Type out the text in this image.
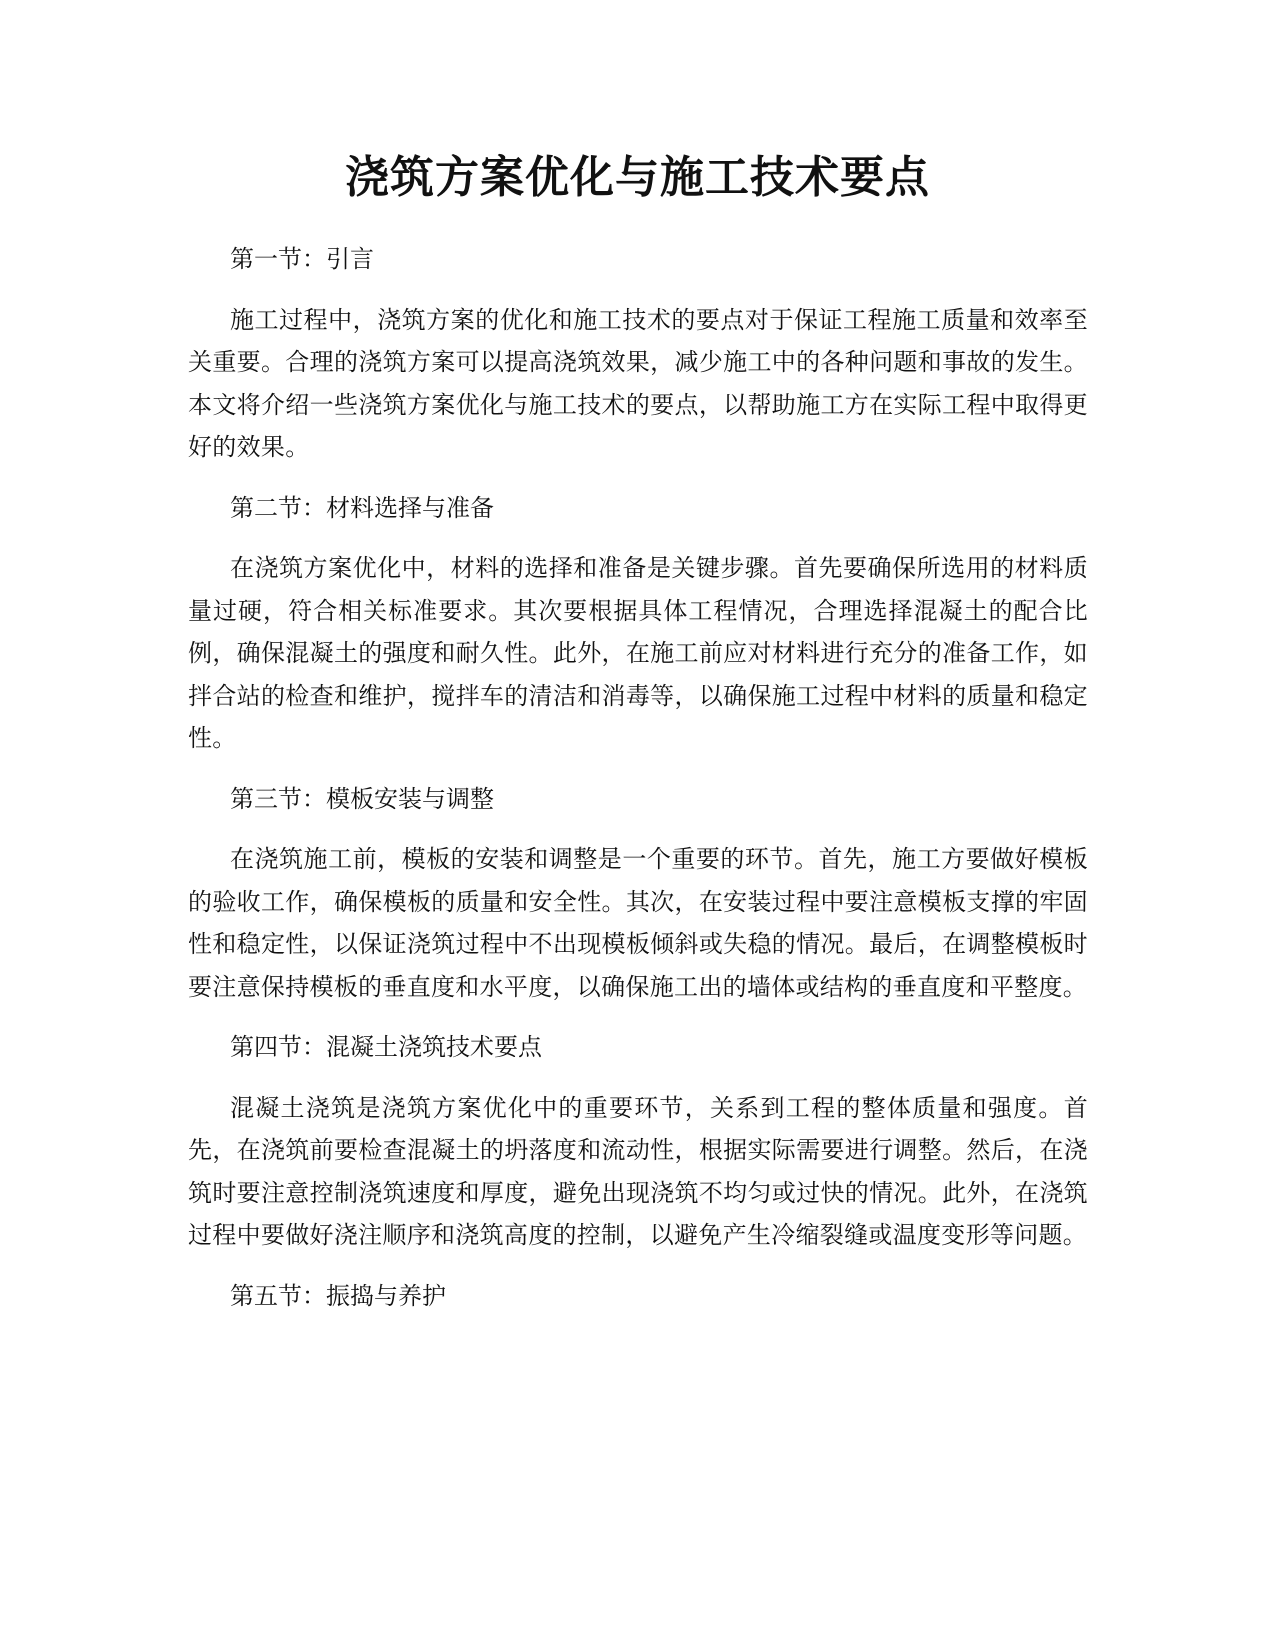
浇筑方案优化与施工技术要点
第一节：引言

施工过程中，浇筑方案的优化和施工技术的要点对于保证工程施工质量和效率至关重要。合理的浇筑方案可以提高浇筑效果，减少施工中的各种问题和事故的发生。本文将介绍一些浇筑方案优化与施工技术的要点，以帮助施工方在实际工程中取得更好的效果。

第二节：材料选择与准备

在浇筑方案优化中，材料的选择和准备是关键步骤。首先要确保所选用的材料质量过硬，符合相关标准要求。其次要根据具体工程情况，合理选择混凝土的配合比例，确保混凝土的强度和耐久性。此外，在施工前应对材料进行充分的准备工作，如拌合站的检查和维护，搅拌车的清洁和消毒等，以确保施工过程中材料的质量和稳定性。

第三节：模板安装与调整

在浇筑施工前，模板的安装和调整是一个重要的环节。首先，施工方要做好模板的验收工作，确保模板的质量和安全性。其次，在安装过程中要注意模板支撑的牢固性和稳定性，以保证浇筑过程中不出现模板倾斜或失稳的情况。最后，在调整模板时要注意保持模板的垂直度和水平度，以确保施工出的墙体或结构的垂直度和平整度。

第四节：混凝土浇筑技术要点

混凝土浇筑是浇筑方案优化中的重要环节，关系到工程的整体质量和强度。首先，在浇筑前要检查混凝土的坍落度和流动性，根据实际需要进行调整。然后，在浇筑时要注意控制浇筑速度和厚度，避免出现浇筑不均匀或过快的情况。此外，在浇筑过程中要做好浇注顺序和浇筑高度的控制，以避免产生冷缩裂缝或温度变形等问题。

第五节：振捣与养护
